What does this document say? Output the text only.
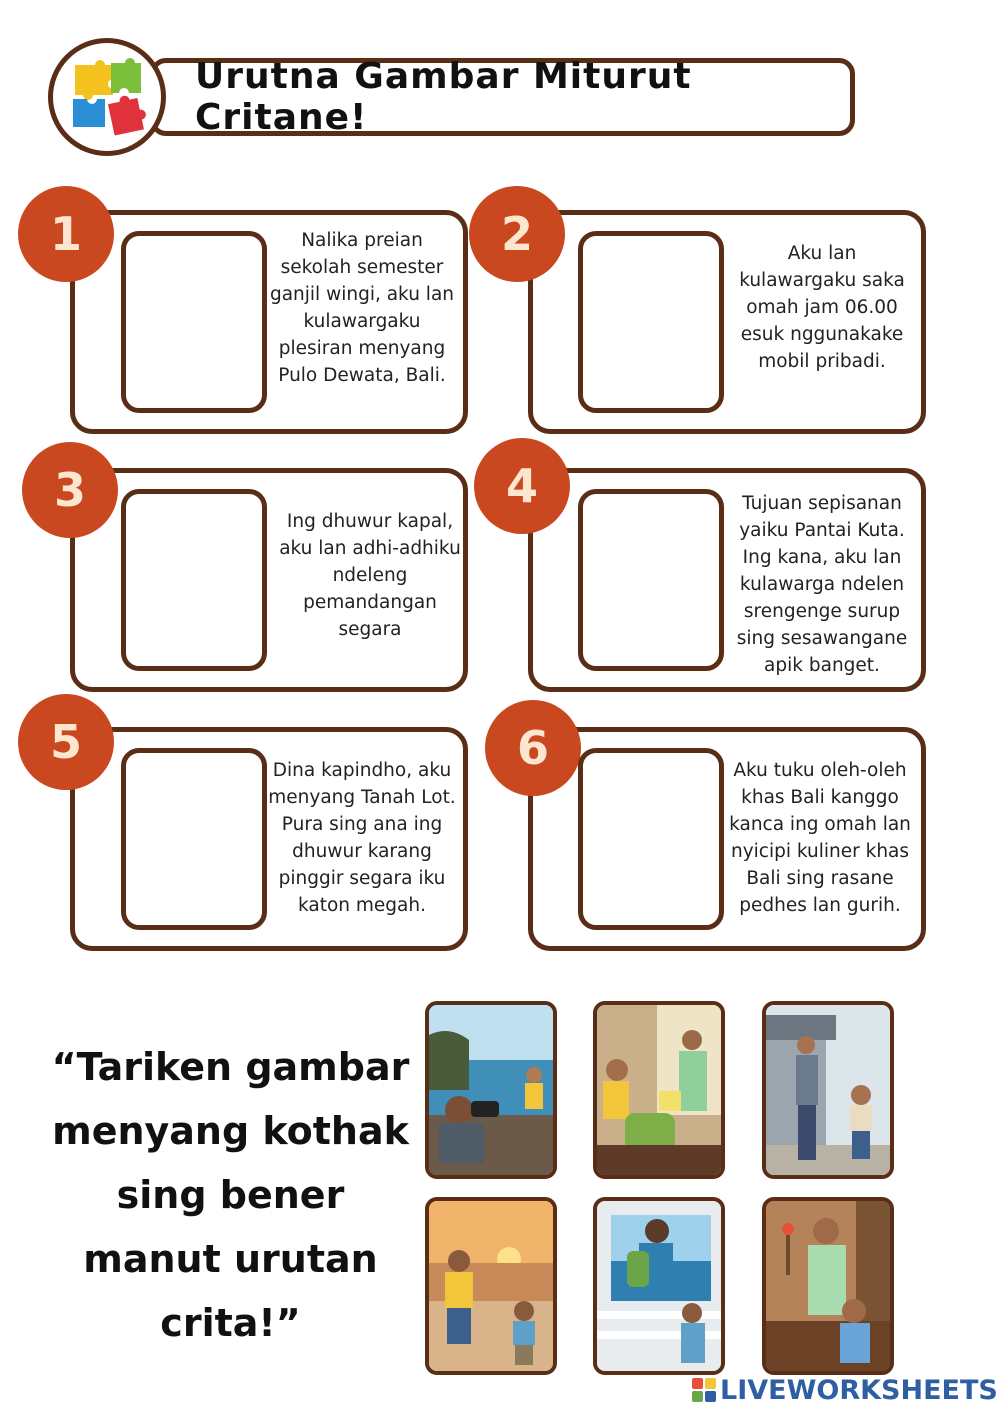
Urutna Gambar Miturut Critane!
1	Nalika preian sekolah semester ganjil wingi, aku lan kulawargaku plesiran menyang Pulo Dewata, Bali.
2	Aku lan kulawargaku saka omah jam 06.00 esuk nggunakake mobil pribadi.
3
Ing dhuwur kapal, aku lan adhi-adhiku ndeleng pemandangan segara
4	Tujuan sepisanan yaiku Pantai Kuta. Ing kana, aku lan kulawarga ndelen srengenge surup sing sesawangane apik banget.
5
Dina kapindho, aku menyang Tanah Lot. Pura sing ana ing dhuwur karang pinggir segara iku katon megah.
6	Aku tuku oleh-oleh khas Bali kanggo kanca ing omah lan nyicipi kuliner khas Bali sing rasane pedhes lan gurih.
“Tariken gambar menyang kothak sing bener manut urutan crita!”
LIVEWORKSHEETS
